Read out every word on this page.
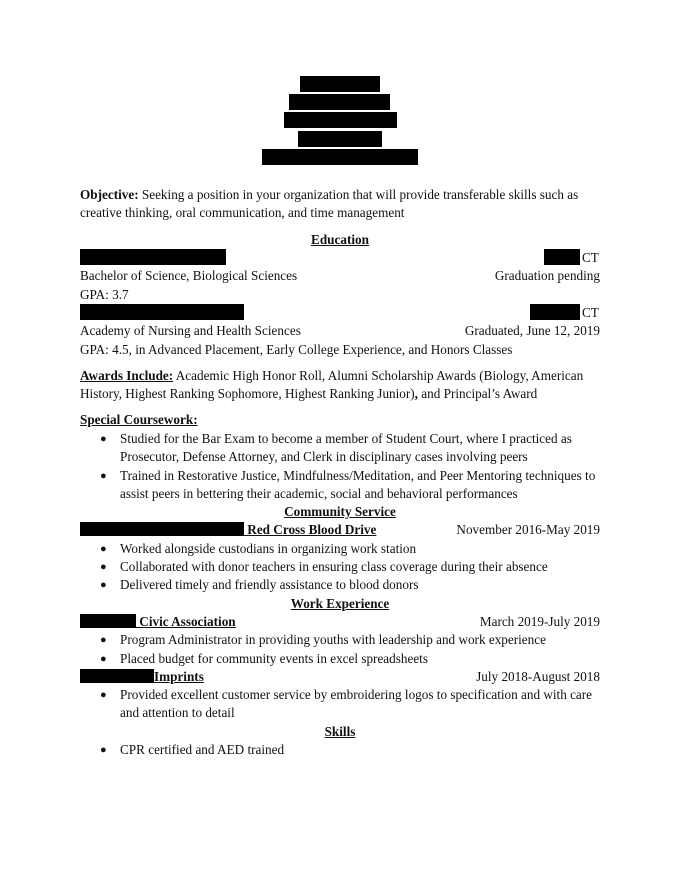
Objective: Seeking a position in your organization that will provide transferable skills such as creative thinking, oral communication, and time management
Education
CT
Bachelor of Science, Biological Sciences	Graduation pending
GPA: 3.7
CT
Academy of Nursing and Health Sciences	Graduated, June 12, 2019
GPA: 4.5, in Advanced Placement, Early College Experience, and Honors Classes
Awards Include: Academic High Honor Roll, Alumni Scholarship Awards (Biology, American History, Highest Ranking Sophomore, Highest Ranking Junior), and Principal’s Award
Special Coursework:
● Studied for the Bar Exam to become a member of Student Court, where I practiced as Prosecutor, Defense Attorney, and Clerk in disciplinary cases involving peers
● Trained in Restorative Justice, Mindfulness/Meditation, and Peer Mentoring techniques to assist peers in bettering their academic, social and behavioral performances
Community Service
Red Cross Blood Drive	November 2016-May 2019
● Worked alongside custodians in organizing work station
● Collaborated with donor teachers in ensuring class coverage during their absence
● Delivered timely and friendly assistance to blood donors
Work Experience
Civic Association	March 2019-July 2019
● Program Administrator in providing youths with leadership and work experience
● Placed budget for community events in excel spreadsheets
Imprints	July 2018-August 2018
● Provided excellent customer service by embroidering logos to specification and with care and attention to detail
Skills
● CPR certified and AED trained
